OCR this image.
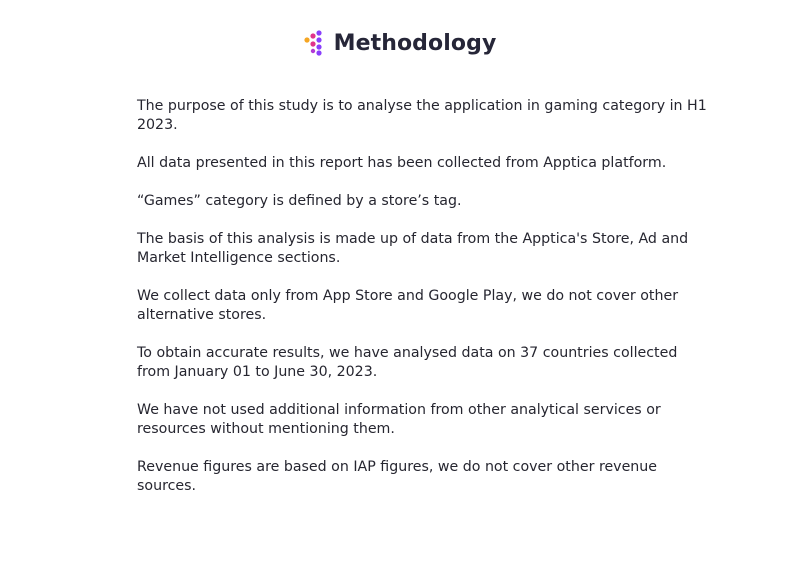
Methodology

The purpose of this study is to analyse the application in gaming category in H1 2023.

All data presented in this report has been collected from Apptica platform.

“Games” category is defined by a store’s tag.

The basis of this analysis is made up of data from the Apptica's Store, Ad and Market Intelligence sections.

We collect data only from App Store and Google Play, we do not cover other alternative stores.

To obtain accurate results, we have analysed data on 37 countries collected from January 01 to June 30, 2023.

We have not used additional information from other analytical services or resources without mentioning them.

Revenue figures are based on IAP figures, we do not cover other revenue sources.
